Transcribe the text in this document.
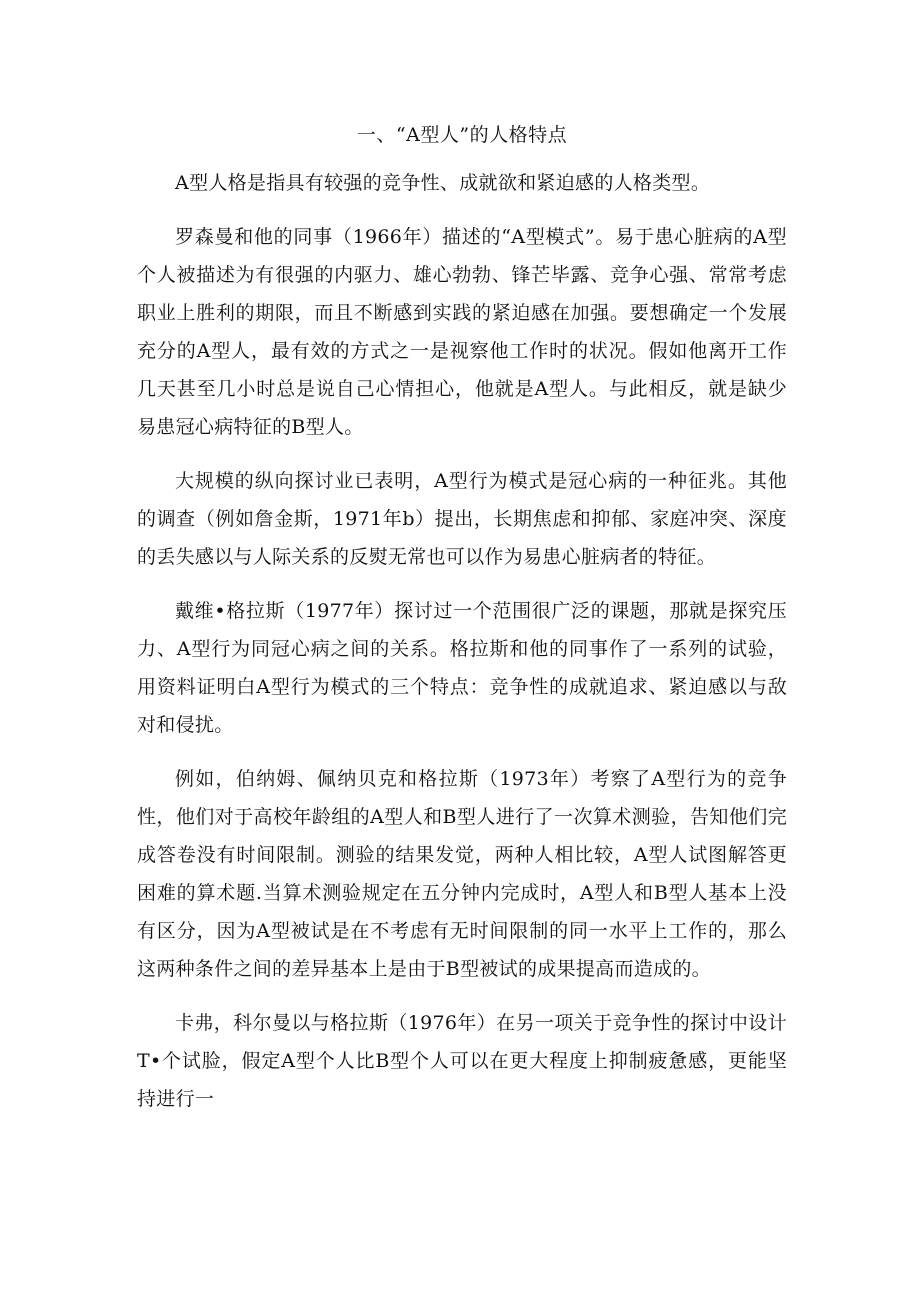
一、“A型人”的人格特点

A型人格是指具有较强的竞争性、成就欲和紧迫感的人格类型。

罗森曼和他的同事（1966年）描述的“A型模式”。易于患心脏病的A型个人被描述为有很强的内驱力、雄心勃勃、锋芒毕露、竞争心强、常常考虑职业上胜利的期限，而且不断感到实践的紧迫感在加强。要想确定一个发展充分的A型人，最有效的方式之一是视察他工作时的状况。假如他离开工作几天甚至几小时总是说自己心情担心，他就是A型人。与此相反，就是缺少易患冠心病特征的B型人。

大规模的纵向探讨业已表明，A型行为模式是冠心病的一种征兆。其他的调查（例如詹金斯，1971年b）提出，长期焦虑和抑郁、家庭冲突、深度的丢失感以与人际关系的反熨无常也可以作为易患心脏病者的特征。

戴维•格拉斯（1977年）探讨过一个范围很广泛的课题，那就是探究压力、A型行为同冠心病之间的关系。格拉斯和他的同事作了一系列的试验，用资料证明白A型行为模式的三个特点：竞争性的成就追求、紧迫感以与敌对和侵扰。

例如，伯纳姆、佩纳贝克和格拉斯（1973年）考察了A型行为的竞争性，他们对于高校年龄组的A型人和B型人进行了一次算术测验，告知他们完成答卷没有时间限制。测验的结果发觉，两种人相比较，A型人试图解答更困难的算术题.当算术测验规定在五分钟内完成时，A型人和B型人基本上没有区分，因为A型被试是在不考虑有无时间限制的同一水平上工作的，那么这两种条件之间的差异基本上是由于B型被试的成果提高而造成的。

卡弗，科尔曼以与格拉斯（1976年）在另一项关于竞争性的探讨中设计T•个试脸，假定A型个人比B型个人可以在更大程度上抑制疲惫感，更能坚持进行一
